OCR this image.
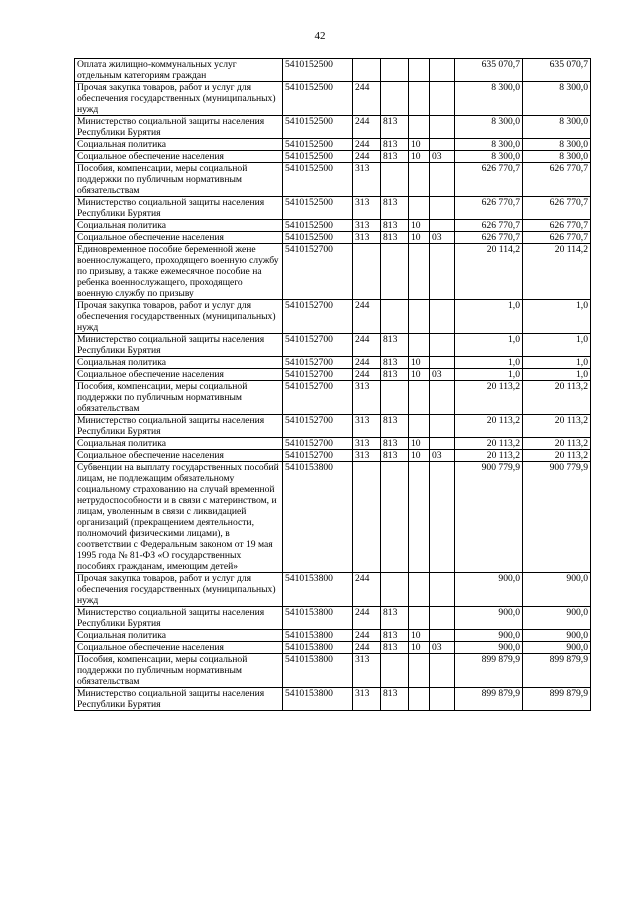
42
Оплата жилищно-коммунальных услуг отдельным категориям граждан	5410152500					635 070,7	635 070,7
Прочая закупка товаров, работ и услуг для обеспечения государственных (муниципальных) нужд	5410152500	244				8 300,0	8 300,0
Министерство социальной защиты населения Республики Бурятия	5410152500	244	813			8 300,0	8 300,0
Социальная политика	5410152500	244	813	10		8 300,0	8 300,0
Социальное обеспечение населения	5410152500	244	813	10	03	8 300,0	8 300,0
Пособия, компенсации, меры социальной поддержки по публичным нормативным обязательствам	5410152500	313				626 770,7	626 770,7
Министерство социальной защиты населения Республики Бурятия	5410152500	313	813			626 770,7	626 770,7
Социальная политика	5410152500	313	813	10		626 770,7	626 770,7
Социальное обеспечение населения	5410152500	313	813	10	03	626 770,7	626 770,7
Единовременное пособие беременной жене военнослужащего, проходящего военную службу по призыву, а также ежемесячное пособие на ребенка военнослужащего, проходящего военную службу по призыву	5410152700					20 114,2	20 114,2
Прочая закупка товаров, работ и услуг для обеспечения государственных (муниципальных) нужд	5410152700	244				1,0	1,0
Министерство социальной защиты населения Республики Бурятия	5410152700	244	813			1,0	1,0
Социальная политика	5410152700	244	813	10		1,0	1,0
Социальное обеспечение населения	5410152700	244	813	10	03	1,0	1,0
Пособия, компенсации, меры социальной поддержки по публичным нормативным обязательствам	5410152700	313				20 113,2	20 113,2
Министерство социальной защиты населения Республики Бурятия	5410152700	313	813			20 113,2	20 113,2
Социальная политика	5410152700	313	813	10		20 113,2	20 113,2
Социальное обеспечение населения	5410152700	313	813	10	03	20 113,2	20 113,2
Субвенции на выплату государственных пособий лицам, не подлежащим обязательному социальному страхованию на случай временной нетрудоспособности и в связи с материнством, и лицам, уволенным в связи с ликвидацией организаций (прекращением деятельности, полномочий физическими лицами), в соответствии с Федеральным законом от 19 мая 1995 года № 81-ФЗ «О государственных пособиях гражданам, имеющим детей»	5410153800					900 779,9	900 779,9
Прочая закупка товаров, работ и услуг для обеспечения государственных (муниципальных) нужд	5410153800	244				900,0	900,0
Министерство социальной защиты населения Республики Бурятия	5410153800	244	813			900,0	900,0
Социальная политика	5410153800	244	813	10		900,0	900,0
Социальное обеспечение населения	5410153800	244	813	10	03	900,0	900,0
Пособия, компенсации, меры социальной поддержки по публичным нормативным обязательствам	5410153800	313				899 879,9	899 879,9
Министерство социальной защиты населения Республики Бурятия	5410153800	313	813			899 879,9	899 879,9
